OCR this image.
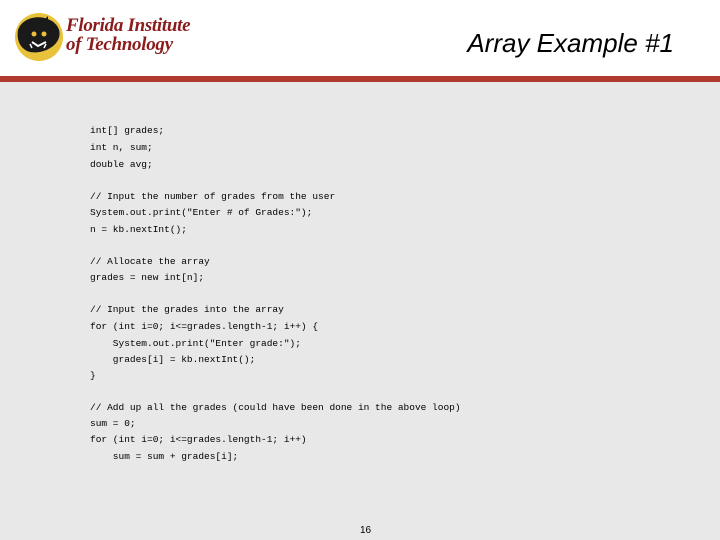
Florida Institute
of Technology	Array Example #1
int[] grades;
int n, sum;
double avg;
// Input the number of grades from the user
System.out.print("Enter # of Grades:");
n = kb.nextInt();
// Allocate the array
grades = new int[n];
// Input the grades into the array
for (int i=0; i<=grades.length-1; i++) {
System.out.print("Enter grade:");
grades[i] = kb.nextInt();
}
// Add up all the grades (could have been done in the above loop)
sum = 0;
for (int i=0; i<=grades.length-1; i++)
sum = sum + grades[i];
16
